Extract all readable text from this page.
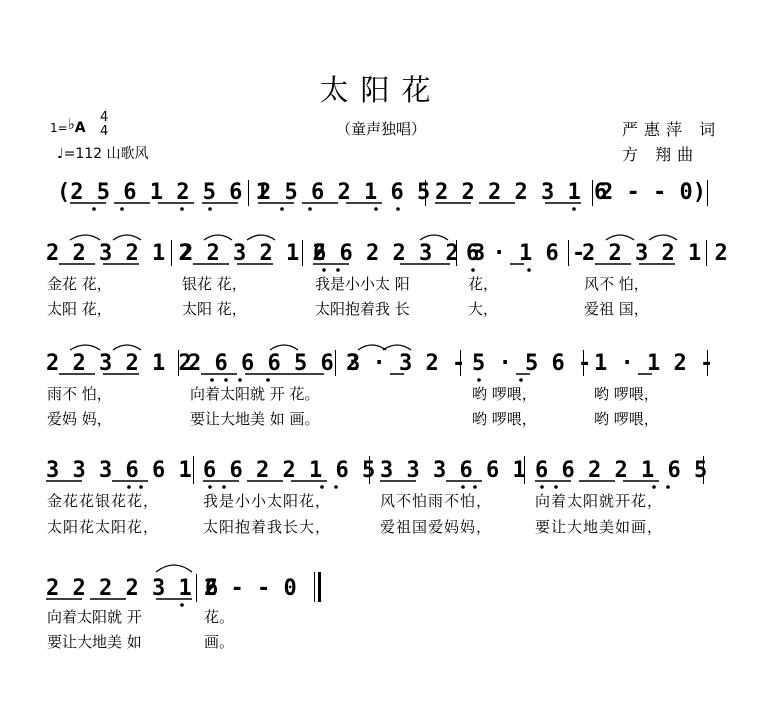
太阳花
（童声独唱）
1=♭A
4
4
♩=112 山歌风
严惠萍 词
方 翔曲
(2 5 6 1 2 5 6 1
2 5 6 2 1 6 5 2 2 2 2 3 1 6
2 - - 0)
2 2 3 2 1 2
2 2 3 2 1 2
6 6 2 2 3 2 3
6 · 1 6 -
2 2 3 2 1 2
金花 花，	银花 花，	我是小小太 阳	花，	风不 怕，
太阳 花，	太阳 花，	太阳抱着我 长	大，	爱祖 国，
2 2 3 2 1 2
2 6 6 6 5 6 3
2 · 3 2 - 5 · 5 6 - 1 · 1 2 -
雨不 怕，	向着太阳就 开 花。	哟 啰喂，	哟 啰喂，
爱妈 妈，	要让大地美 如 画。	哟 啰喂，	哟 啰喂，
3 3 3 6 6 1 6 6 2 2 1 6 5 3 3 3 6 6 1 6 6 2 2 1 6 5
金花花银花花，	我是小小太阳花，	风不怕雨不怕，	向着太阳就开花，
太阳花太阳花，	太阳抱着我长大，	爱祖国爱妈妈，	要让大地美如画，
2 2 2 2 3 1 6
2 - - 0
向着太阳就 开	花。
要让大地美 如	画。
